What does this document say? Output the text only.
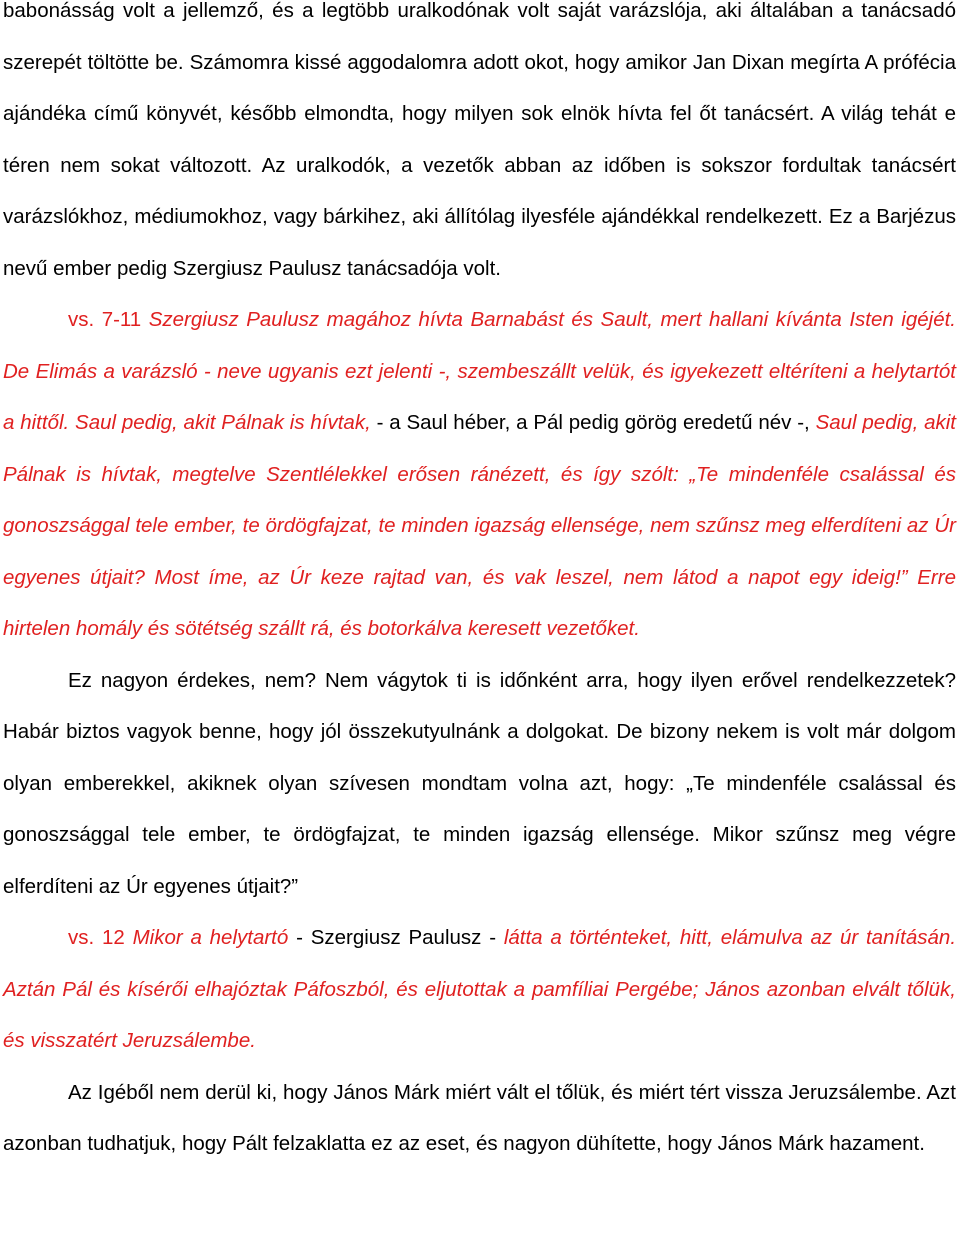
babonásság volt a jellemző, és a legtöbb uralkodónak volt saját varázslója, aki általában a tanácsadó szerepét töltötte be. Számomra kissé aggodalomra adott okot, hogy amikor Jan Dixan megírta A prófécia ajándéka című könyvét, később elmondta, hogy milyen sok elnök hívta fel őt tanácsért. A világ tehát e téren nem sokat változott. Az uralkodók, a vezetők abban az időben is sokszor fordultak tanácsért varázslókhoz, médiumokhoz, vagy bárkihez, aki állítólag ilyesféle ajándékkal rendelkezett. Ez a Barjézus nevű ember pedig Szergiusz Paulusz tanácsadója volt.

vs. 7-11 Szergiusz Paulusz magához hívta Barnabást és Sault, mert hallani kívánta Isten igéjét. De Elimás a varázsló - neve ugyanis ezt jelenti -, szembeszállt velük, és igyekezett eltéríteni a helytartót a hittől. Saul pedig, akit Pálnak is hívtak, - a Saul héber, a Pál pedig görög eredetű név -, Saul pedig, akit Pálnak is hívtak, megtelve Szentlélekkel erősen ránézett, és így szólt: „Te mindenféle csalással és gonoszsággal tele ember, te ördögfajzat, te minden igazság ellensége, nem szűnsz meg elferdíteni az Úr egyenes útjait? Most íme, az Úr keze rajtad van, és vak leszel, nem látod a napot egy ideig!” Erre hirtelen homály és sötétség szállt rá, és botorkálva keresett vezetőket.

Ez nagyon érdekes, nem? Nem vágytok ti is időnként arra, hogy ilyen erővel rendelkezzetek? Habár biztos vagyok benne, hogy jól összekutyulnánk a dolgokat. De bizony nekem is volt már dolgom olyan emberekkel, akiknek olyan szívesen mondtam volna azt, hogy: „Te mindenféle csalással és gonoszsággal tele ember, te ördögfajzat, te minden igazság ellensége. Mikor szűnsz meg végre elferdíteni az Úr egyenes útjait?”

vs. 12 Mikor a helytartó - Szergiusz Paulusz - látta a történteket, hitt, elámulva az úr tanításán. Aztán Pál és kísérői elhajóztak Páfoszból, és eljutottak a pamfíliai Pergébe; János azonban elvált tőlük, és visszatért Jeruzsálembe.

Az Igéből nem derül ki, hogy János Márk miért vált el tőlük, és miért tért vissza Jeruzsálembe. Azt azonban tudhatjuk, hogy Pált felzaklatta ez az eset, és nagyon dühítette, hogy János Márk hazament.
